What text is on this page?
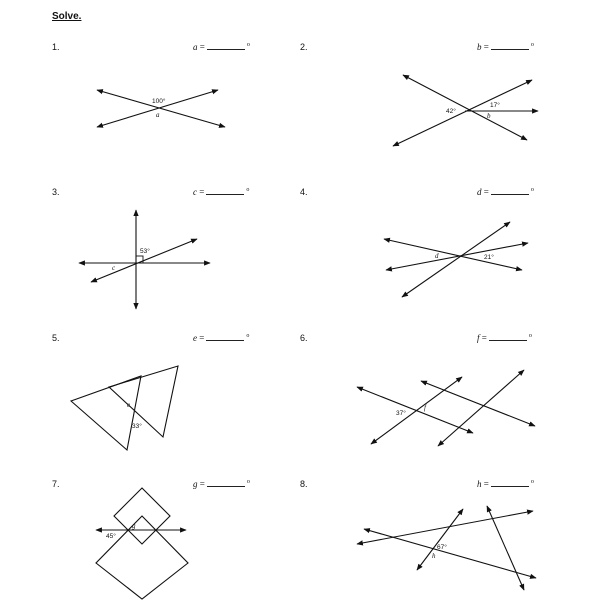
Solve.
1.	2.
3.	4.
5.	6.
7.	8.
a =	$^o$	b =	$^o$
c =	$^o$	d =	$^o$
e =	$^o$	f =	$^o$
g =	$^o$	h =	$^o$
100°
a	42°
17°
b
53°
c
d	21°
e
33°
37°
f
g
45°
67°
h
